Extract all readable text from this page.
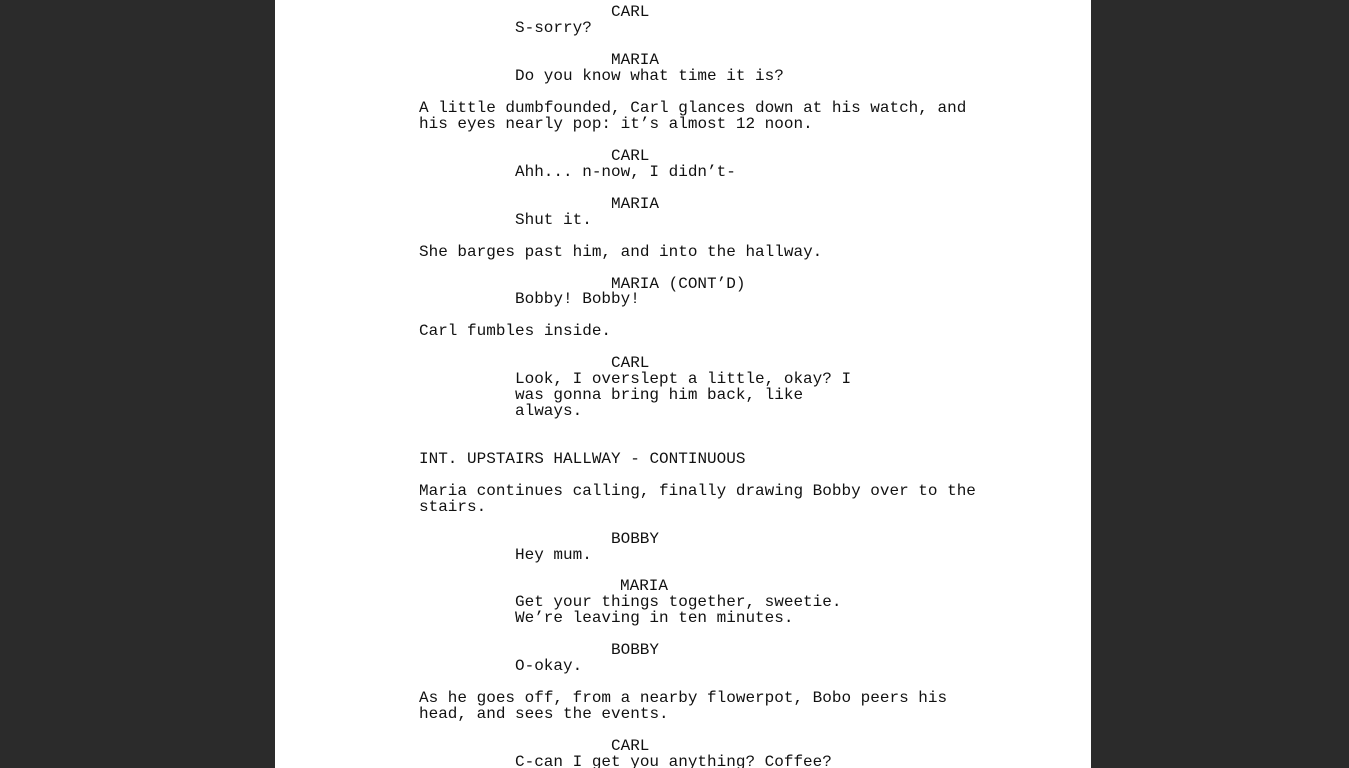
CARL
S-sorry?
MARIA
Do you know what time it is?
A little dumbfounded, Carl glances down at his watch, and
his eyes nearly pop: it’s almost 12 noon.
CARL
Ahh... n-now, I didn’t-
MARIA
Shut it.
She barges past him, and into the hallway.
MARIA (CONT’D)
Bobby! Bobby!
Carl fumbles inside.
CARL
Look, I overslept a little, okay? I
was gonna bring him back, like
always.
INT. UPSTAIRS HALLWAY - CONTINUOUS
Maria continues calling, finally drawing Bobby over to the
stairs.
BOBBY
Hey mum.
MARIA
Get your things together, sweetie.
We’re leaving in ten minutes.
BOBBY
O-okay.
As he goes off, from a nearby flowerpot, Bobo peers his
head, and sees the events.
CARL
C-can I get you anything? Coffee?
